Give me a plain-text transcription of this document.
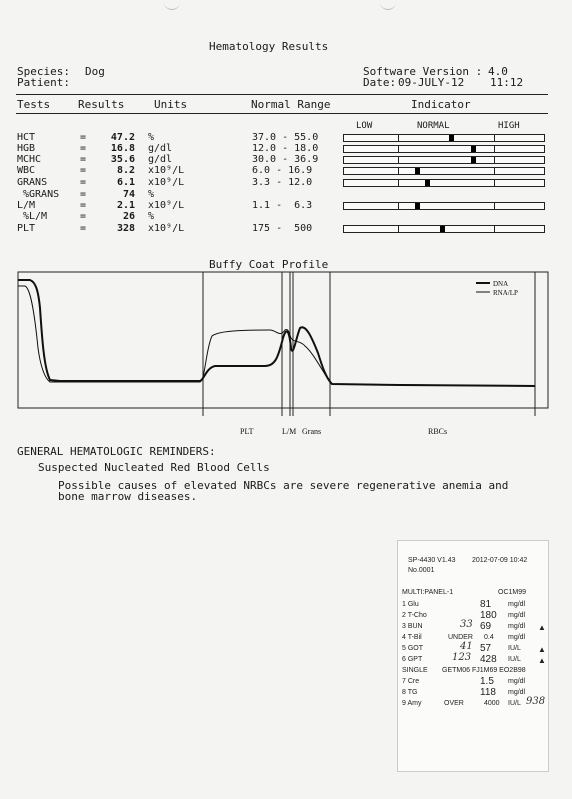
Hematology Results
Species: Dog
Patient:
Software Version : 4.0
Date: 09-JULY-12 11:12
Tests	Results	Units	Normal Range	Indicator
LOW	NORMAL	HIGH
HCT	= 47.2 %	37.0 - 55.0
HGB	= 16.8 g/dl	12.0 - 18.0
MCHC	= 35.6 g/dl	30.0 - 36.9
WBC	=	8.2 x10⁹/L	6.0 - 16.9
GRANS	=	6.1 x10⁹/L	3.3 - 12.0
%GRANS =	74 %
L/M	=	2.1 x10⁹/L	1.1 -  6.3
%L/M	=	26 %
PLT	=	328 x10⁹/L	175 -  500
Buffy Coat Profile
DNA
RNA/LP
PLT	L/M Grans	RBCs
GENERAL HEMATOLOGIC REMINDERS:
Suspected Nucleated Red Blood Cells
Possible causes of elevated NRBCs are severe regenerative anemia and
bone marrow diseases.
SP-4430 V1.43 2012-07-09 10:42
No.0001
MULTI:PANEL-1	OC1M99
1 Glu	81 mg/dl
2 T-Cho	180 mg/dl
3 BUN	69 mg/dl ▲
33
4 T-Bil	UNDER 0.4 mg/dl
5 GOT	57 IU/L ▲
41
6 GPT	428 IU/L ▲
123
SINGLE GETM06 FJ1M69 EO2B98
7 Cre	1.5 mg/dl
8 TG	118 mg/dl
9 Amy	OVER	4000 IU/L 938
